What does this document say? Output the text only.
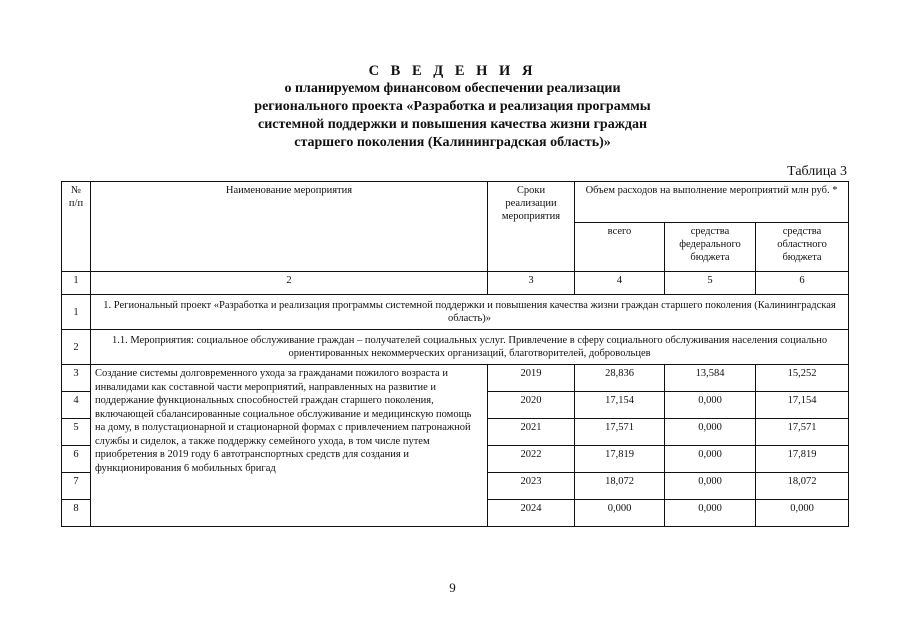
С В Е Д Е Н И Я
о планируемом финансовом обеспечении реализации
регионального проекта «Разработка и реализация программы
системной поддержки и повышения качества жизни граждан
старшего поколения (Калининградская область)»
Таблица 3
№ п/п	Наименование мероприятия	Сроки реализации мероприятия	Объем расходов на выполнение мероприятий млн руб. *		
			всего	средства федерального бюджета	средства областного бюджета
1	2	3	4	5	6
1	1. Региональный проект «Разработка и реализация программы системной поддержки и повышения качества жизни граждан старшего поколения (Калининградская область)»				
2	1.1. Мероприятия: социальное обслуживание граждан – получателей социальных услуг. Привлечение в сферу социального обслуживания населения социально ориентированных некоммерческих организаций, благотворителей, добровольцев				
3	Создание системы долговременного ухода за гражданами пожилого возраста и инвалидами как составной части мероприятий, направленных на развитие и поддержание функциональных способностей граждан старшего поколения, включающей сбалансированные социальное обслуживание и медицинскую помощь на дому, в полустационарной и стационарной формах с привлечением патронажной службы и сиделок, а также поддержку семейного ухода, в том числе путем приобретения в 2019 году 6 автотранспортных средств для создания и функционирования 6 мобильных бригад	2019	28,836	13,584	15,252
4		2020	17,154	0,000	17,154
5		2021	17,571	0,000	17,571
6		2022	17,819	0,000	17,819
7		2023	18,072	0,000	18,072
8		2024	0,000	0,000	0,000
9
